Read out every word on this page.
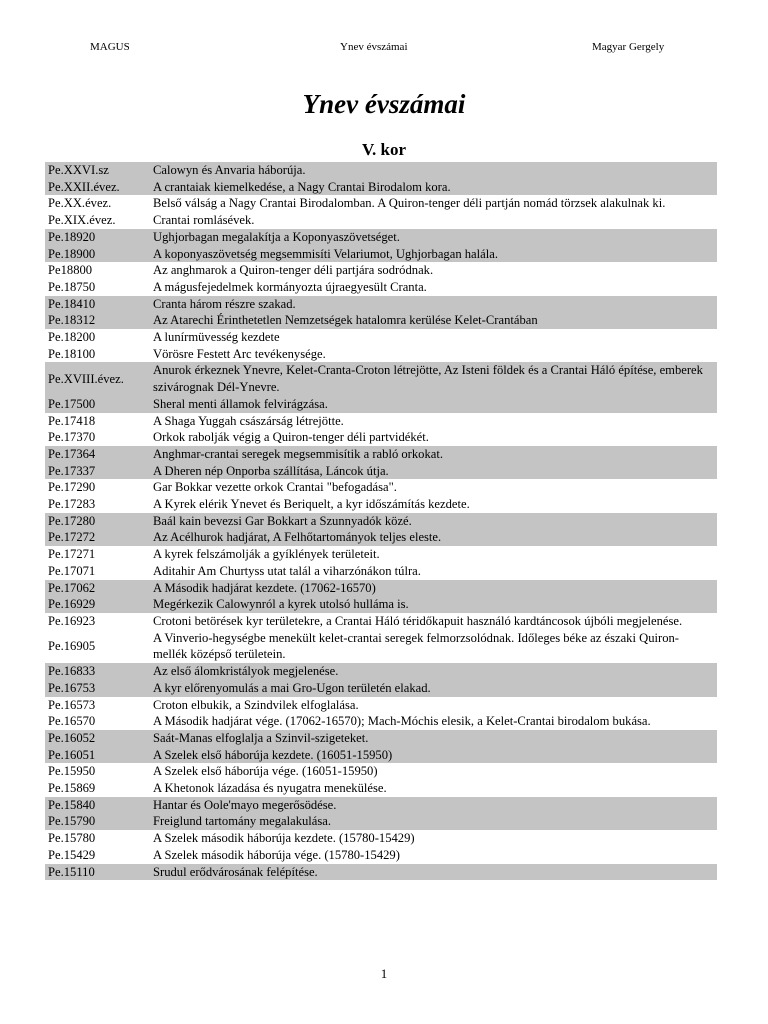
MAGUS	Ynev évszámai	Magyar Gergely
Ynev évszámai
V. kor
Pe.XXVI.sz	Calowyn és Anvaria háborúja.
Pe.XXII.évez.	A crantaiak kiemelkedése, a Nagy Crantai Birodalom kora.
Pe.XX.évez.	Belső válság a Nagy Crantai Birodalomban. A Quiron-tenger déli partján nomád törzsek alakulnak ki.
Pe.XIX.évez.	Crantai romlásévek.
Pe.18920	Ughjorbagan megalakítja a Koponyaszövetséget.
Pe.18900	A koponyaszövetség megsemmisíti Velariumot, Ughjorbagan halála.
Pe18800	Az anghmarok a Quiron-tenger déli partjára sodródnak.
Pe.18750	A mágusfejedelmek kormányozta újraegyesült Cranta.
Pe.18410	Cranta három részre szakad.
Pe.18312	Az Atarechi Érinthetetlen Nemzetségek hatalomra kerülése Kelet-Crantában
Pe.18200	A lunírmüvesség kezdete
Pe.18100	Vörösre Festett Arc tevékenysége.
Pe.XVIII.évez.	Anurok érkeznek Ynevre, Kelet-Cranta-Croton létrejötte, Az Isteni földek és a Crantai Háló építése, emberek szivárognak Dél-Ynevre.
Pe.17500	Sheral menti államok felvirágzása.
Pe.17418	A Shaga Yuggah császárság létrejötte.
Pe.17370	Orkok rabolják végig a Quiron-tenger déli partvidékét.
Pe.17364	Anghmar-crantai seregek megsemmisítik a rabló orkokat.
Pe.17337	A Dheren nép Onporba szállítása, Láncok útja.
Pe.17290	Gar Bokkar vezette orkok Crantai "befogadása".
Pe.17283	A Kyrek elérik Ynevet és Beriquelt, a kyr időszámítás kezdete.
Pe.17280	Baál kain bevezsi Gar Bokkart a Szunnyadók közé.
Pe.17272	Az Acélhurok hadjárat, A Felhőtartományok teljes eleste.
Pe.17271	A kyrek felszámolják a gyíklények területeit.
Pe.17071	Aditahir Am Churtyss utat talál a viharzónákon túlra.
Pe.17062	A Második hadjárat kezdete. (17062-16570)
Pe.16929	Megérkezik Calowynról a kyrek utolsó hulláma is.
Pe.16923	Crotoni betörések kyr területekre, a Crantai Háló téridőkapuit használó kardtáncosok újbóli megjelenése.
Pe.16905	A Vinverio-hegységbe menekült kelet-crantai seregek felmorzsolódnak. Időleges béke az északi Quiron-mellék középső területein.
Pe.16833	Az első álomkristályok megjelenése.
Pe.16753	A kyr előrenyomulás a mai Gro-Ugon területén elakad.
Pe.16573	Croton elbukik, a Szindvilek elfoglalása.
Pe.16570	A Második hadjárat vége. (17062-16570); Mach-Móchis elesik, a Kelet-Crantai birodalom bukása.
Pe.16052	Saát-Manas elfoglalja a Szinvil-szigeteket.
Pe.16051	A Szelek első háborúja kezdete. (16051-15950)
Pe.15950	A Szelek első háborúja vége. (16051-15950)
Pe.15869	A Khetonok lázadása és nyugatra menekülése.
Pe.15840	Hantar és Oole'mayo megerősödése.
Pe.15790	Freiglund tartomány megalakulása.
Pe.15780	A Szelek második háborúja kezdete. (15780-15429)
Pe.15429	A Szelek második háborúja vége. (15780-15429)
Pe.15110	Srudul erődvárosának felépítése.
1
